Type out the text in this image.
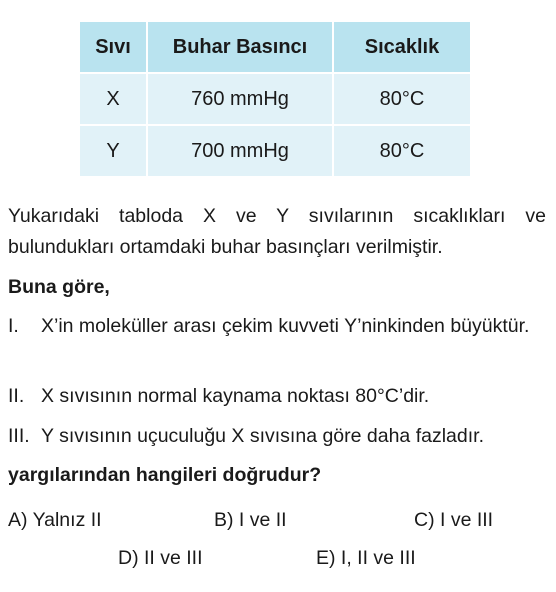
Sıvı	Buhar Basıncı	Sıcaklık
X	760 mmHg	80°C
Y	700 mmHg	80°C
Yukarıdaki tabloda X ve Y sıvılarının sıcaklıkları ve bulundukları ortamdaki buhar basınçları verilmiştir.
Buna göre,
I. X’in moleküller arası çekim kuvveti Y’ninkinden büyüktür.
II. X sıvısının normal kaynama noktası 80°C’dir.
III. Y sıvısının uçuculuğu X sıvısına göre daha fazladır.
yargılarından hangileri doğrudur?
A) Yalnız II	B) I ve II	C) I ve III
D) II ve III	E) I, II ve III
